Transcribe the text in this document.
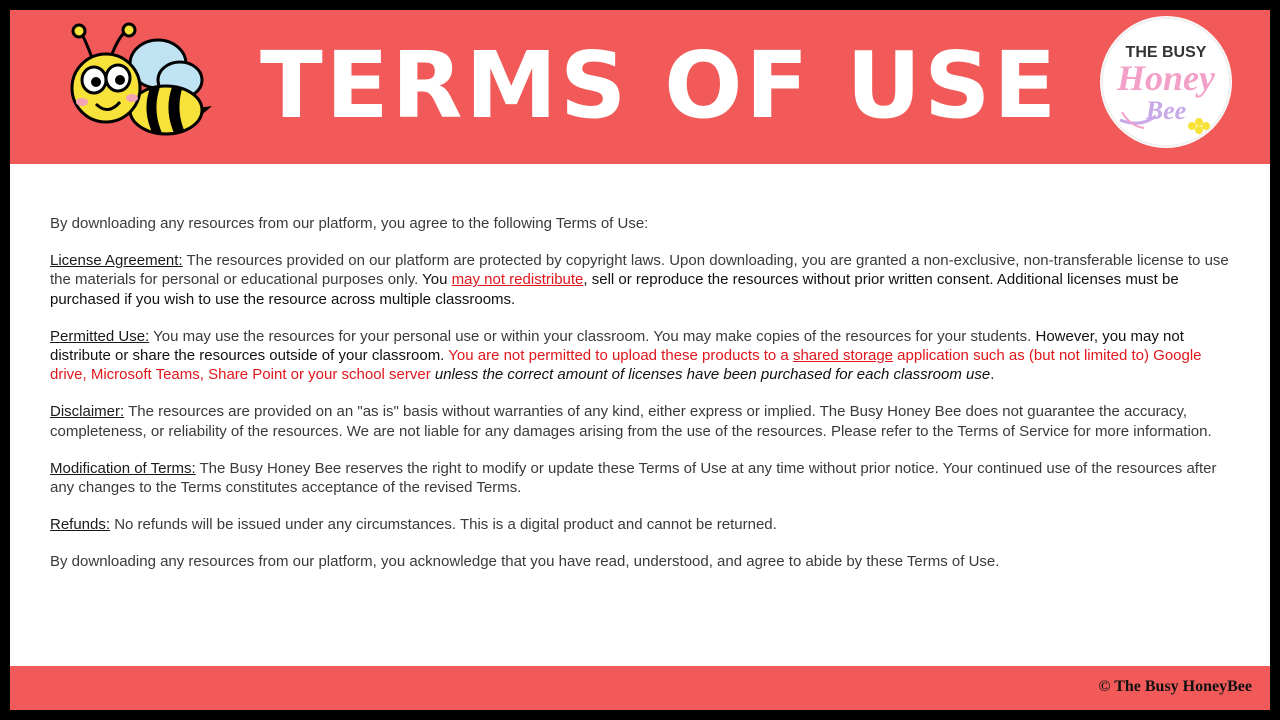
TERMS OF USE	THE BUSY
Honey
Bee

By downloading any resources from our platform, you agree to the following Terms of Use:

License Agreement: The resources provided on our platform are protected by copyright laws. Upon downloading, you are granted a non-exclusive, non-transferable license to use the materials for personal or educational purposes only. You may not redistribute, sell or reproduce the resources without prior written consent. Additional licenses must be purchased if you wish to use the resource across multiple classrooms.

Permitted Use: You may use the resources for your personal use or within your classroom. You may make copies of the resources for your students. However, you may not distribute or share the resources outside of your classroom. You are not permitted to upload these products to a shared storage application such as (but not limited to) Google drive, Microsoft Teams, Share Point or your school server unless the correct amount of licenses have been purchased for each classroom use.

Disclaimer: The resources are provided on an "as is" basis without warranties of any kind, either express or implied. The Busy Honey Bee does not guarantee the accuracy, completeness, or reliability of the resources. We are not liable for any damages arising from the use of the resources. Please refer to the Terms of Service for more information.

Modification of Terms: The Busy Honey Bee reserves the right to modify or update these Terms of Use at any time without prior notice. Your continued use of the resources after any changes to the Terms constitutes acceptance of the revised Terms.

Refunds: No refunds will be issued under any circumstances. This is a digital product and cannot be returned.

By downloading any resources from our platform, you acknowledge that you have read, understood, and agree to abide by these Terms of Use.

© The Busy HoneyBee
